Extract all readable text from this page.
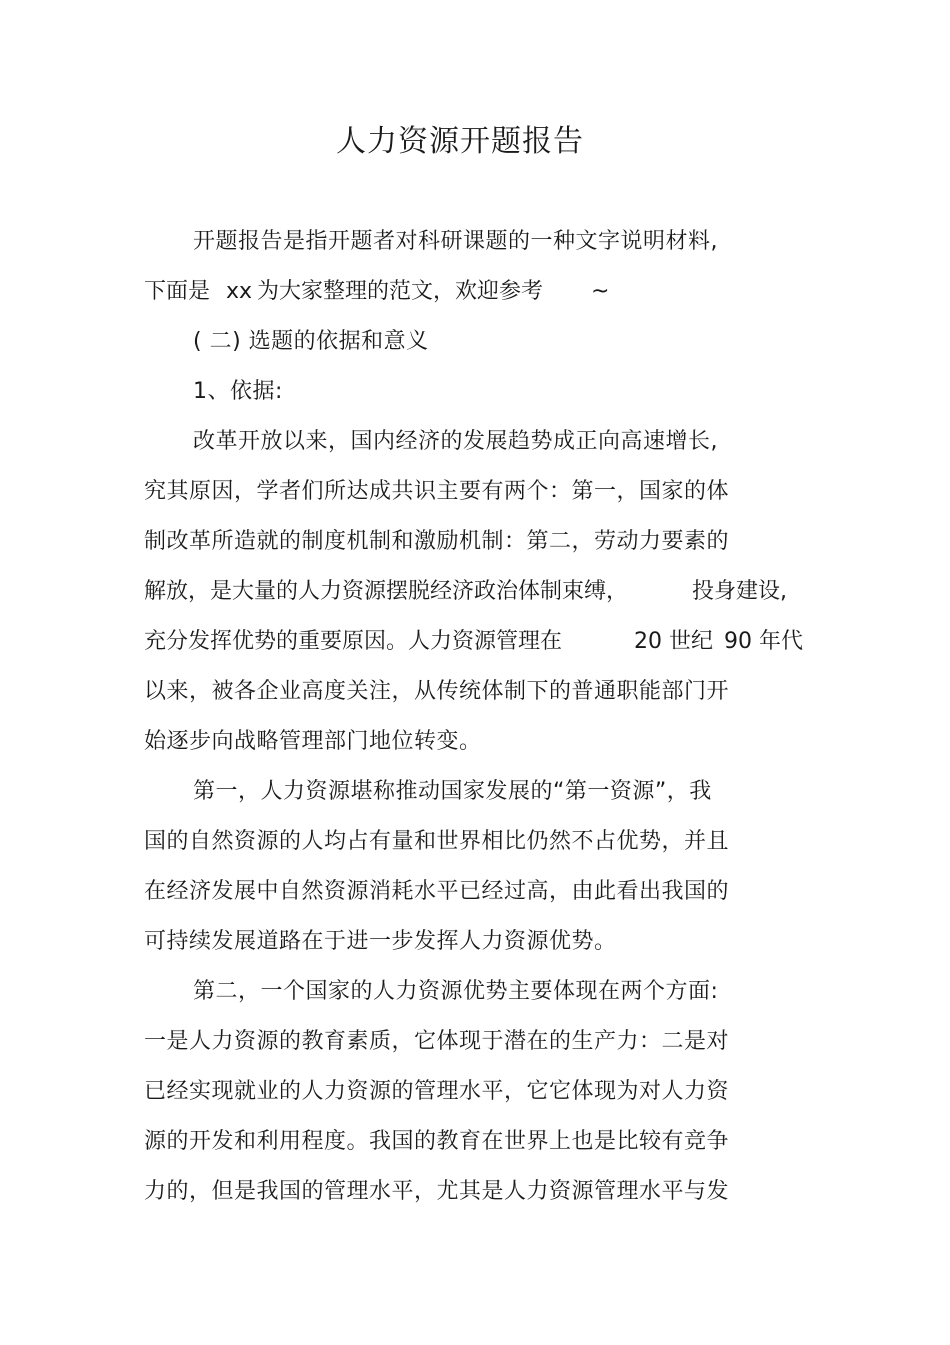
人力资源开题报告
开题报告是指开题者对科研课题的一种文字说明材料,
下面是 xx 为大家整理的范文，欢迎参考 ~
( 二) 选题的依据和意义
1、依据:
改革开放以来，国内经济的发展趋势成正向高速增长,
究其原因，学者们所达成共识主要有两个：第一，国家的体
制改革所造就的制度机制和激励机制：第二，劳动力要素的
解放，是大量的人力资源摆脱经济政治体制束缚，	投身建设,
充分发挥优势的重要原因。人力资源管理在	20 世纪 90 年代
以来，被各企业高度关注，从传统体制下的普通职能部门开
始逐步向战略管理部门地位转变。
第一，人力资源堪称推动国家发展的“第一资源”，我
国的自然资源的人均占有量和世界相比仍然不占优势，并且
在经济发展中自然资源消耗水平已经过高，由此看出我国的
可持续发展道路在于进一步发挥人力资源优势。
第二，一个国家的人力资源优势主要体现在两个方面:
一是人力资源的教育素质，它体现于潜在的生产力：二是对
已经实现就业的人力资源的管理水平，它它体现为对人力资
源的开发和利用程度。我国的教育在世界上也是比较有竞争
力的，但是我国的管理水平，尤其是人力资源管理水平与发
